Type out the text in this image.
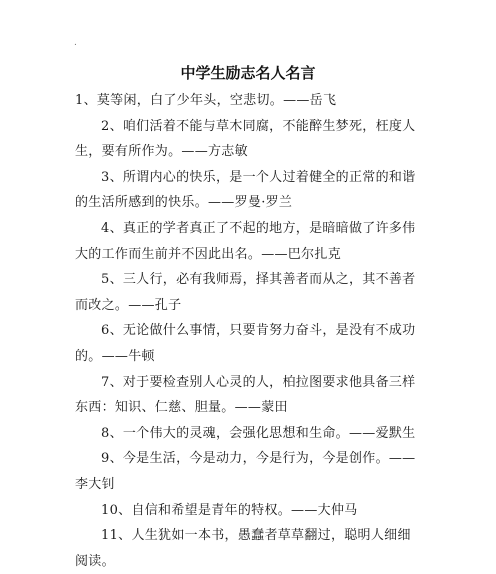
.
中学生励志名人名言

1、莫等闲，白了少年头，空悲切。——岳飞

2、咱们活着不能与草木同腐，不能醉生梦死，枉度人生，要有所作为。——方志敏

3、所谓内心的快乐，是一个人过着健全的正常的和谐的生活所感到的快乐。——罗曼·罗兰

4、真正的学者真正了不起的地方，是暗暗做了许多伟大的工作而生前并不因此出名。——巴尔扎克

5、三人行，必有我师焉，择其善者而从之，其不善者而改之。——孔子

6、无论做什么事情，只要肯努力奋斗，是没有不成功的。——牛顿

7、对于要检查别人心灵的人，柏拉图要求他具备三样东西：知识、仁慈、胆量。——蒙田

8、一个伟大的灵魂，会强化思想和生命。——爱默生

9、今是生活，今是动力，今是行为，今是创作。——李大钊

10、自信和希望是青年的特权。——大仲马

11、人生犹如一本书，愚蠢者草草翻过，聪明人细细阅读。
